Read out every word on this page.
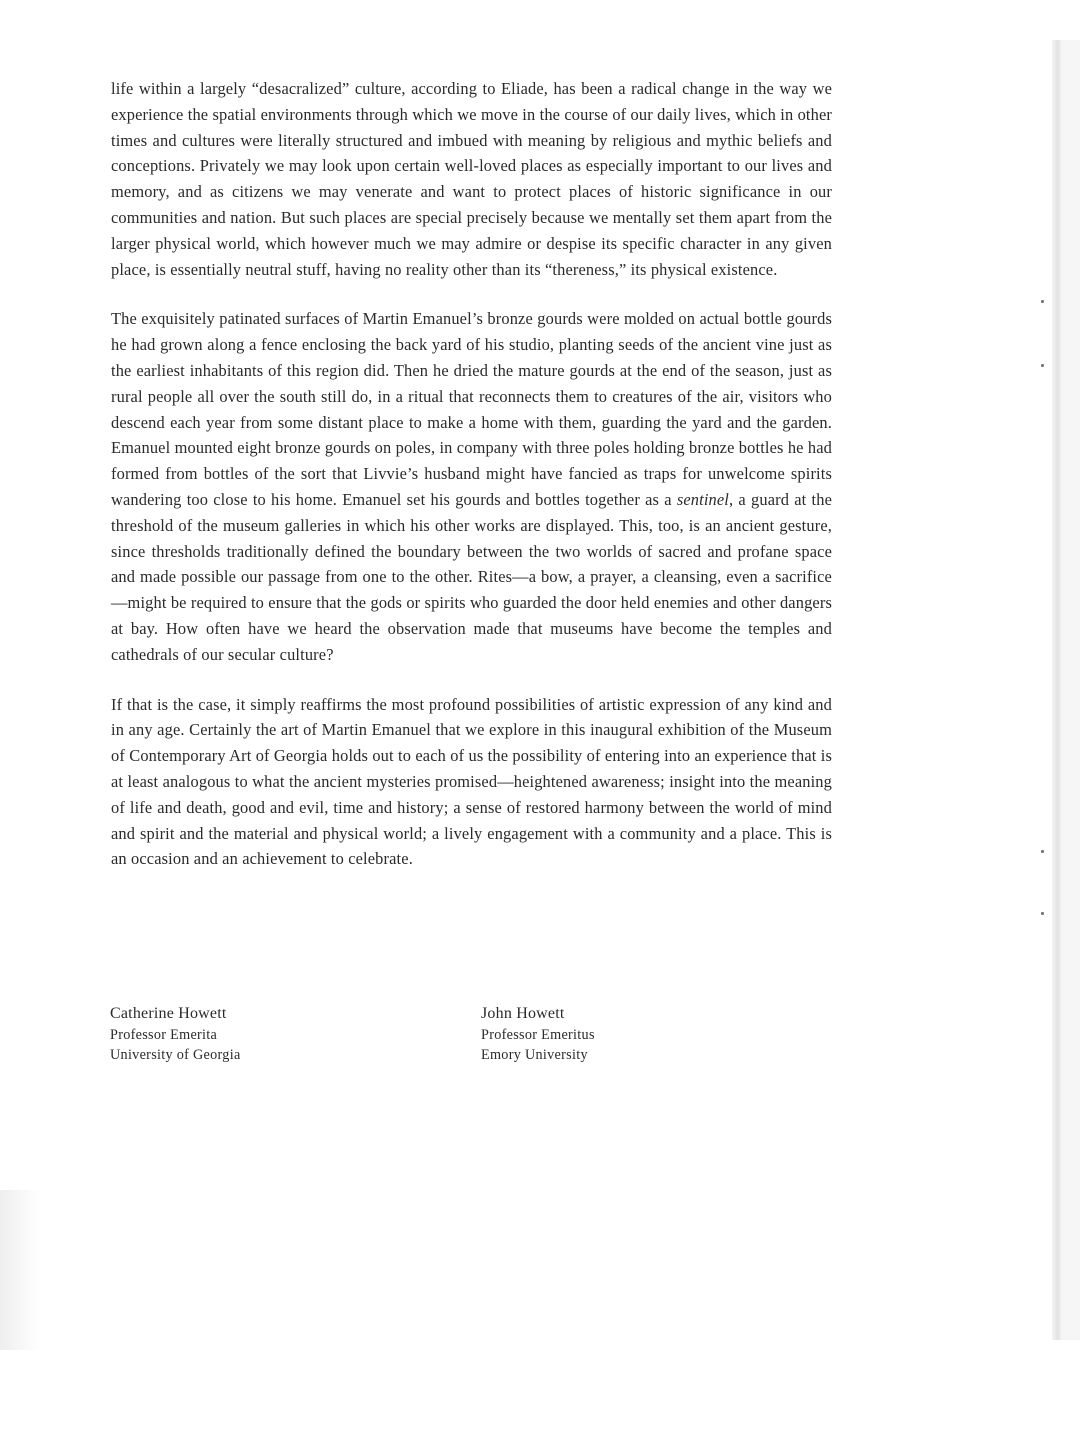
life within a largely “desacralized” culture, according to Eliade, has been a radical change in the way we experience the spatial environments through which we move in the course of our daily lives, which in other times and cultures were literally structured and imbued with meaning by religious and mythic beliefs and conceptions. Privately we may look upon certain well-loved places as especially important to our lives and memory, and as citizens we may venerate and want to protect places of historic significance in our communities and nation. But such places are special precisely because we mentally set them apart from the larger physical world, which however much we may admire or despise its specific character in any given place, is essentially neutral stuff, having no reality other than its “thereness,” its physical existence.

The exquisitely patinated surfaces of Martin Emanuel’s bronze gourds were molded on actual bottle gourds he had grown along a fence enclosing the back yard of his studio, planting seeds of the ancient vine just as the earliest inhabitants of this region did. Then he dried the mature gourds at the end of the season, just as rural people all over the south still do, in a ritual that reconnects them to creatures of the air, visitors who descend each year from some distant place to make a home with them, guarding the yard and the garden. Emanuel mounted eight bronze gourds on poles, in company with three poles holding bronze bottles he had formed from bottles of the sort that Livvie’s husband might have fancied as traps for unwelcome spirits wandering too close to his home. Emanuel set his gourds and bottles together as a sentinel, a guard at the threshold of the museum galleries in which his other works are displayed. This, too, is an ancient gesture, since thresholds traditionally defined the boundary between the two worlds of sacred and profane space and made possible our passage from one to the other. Rites—a bow, a prayer, a cleansing, even a sacrifice—might be required to ensure that the gods or spirits who guarded the door held enemies and other dangers at bay. How often have we heard the observation made that museums have become the temples and cathedrals of our secular culture?

If that is the case, it simply reaffirms the most profound possibilities of artistic expression of any kind and in any age. Certainly the art of Martin Emanuel that we explore in this inaugural exhibition of the Museum of Contemporary Art of Georgia holds out to each of us the possibility of entering into an experience that is at least analogous to what the ancient mysteries promised—heightened awareness; insight into the meaning of life and death, good and evil, time and history; a sense of restored harmony between the world of mind and spirit and the material and physical world; a lively engagement with a community and a place. This is an occasion and an achievement to celebrate.

Catherine Howett
Professor Emerita
University of Georgia
John Howett
Professor Emeritus
Emory University
